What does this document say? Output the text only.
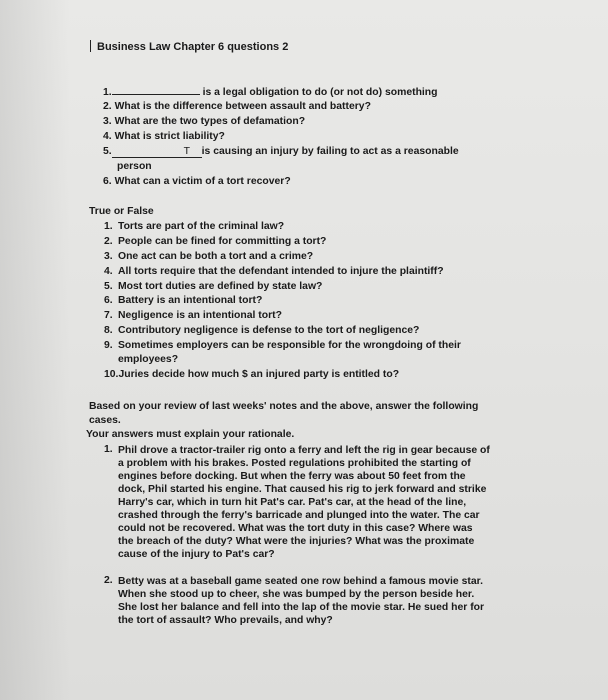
Business Law Chapter 6 questions 2
1.	is a legal obligation to do (or not do) something
2. What is the difference between assault and battery?
3. What are the two types of defamation?
4. What is strict liability?
5.	T is causing an injury by failing to act as a reasonable
person
6. What can a victim of a tort recover?
True or False
1. Torts are part of the criminal law?
2. People can be fined for committing a tort?
3. One act can be both a tort and a crime?
4. All torts require that the defendant intended to injure the plaintiff?
5. Most tort duties are defined by state law?
6. Battery is an intentional tort?
7. Negligence is an intentional tort?
8. Contributory negligence is defense to the tort of negligence?
9. Sometimes employers can be responsible for the wrongdoing of their
employees?
10.Juries decide how much $ an injured party is entitled to?
Based on your review of last weeks' notes and the above, answer the following
cases.
Your answers must explain your rationale.
1. Phil drove a tractor-trailer rig onto a ferry and left the rig in gear because of
a problem with his brakes. Posted regulations prohibited the starting of
engines before docking. But when the ferry was about 50 feet from the
dock, Phil started his engine. That caused his rig to jerk forward and strike
Harry's car, which in turn hit Pat's car. Pat's car, at the head of the line,
crashed through the ferry's barricade and plunged into the water. The car
could not be recovered. What was the tort duty in this case? Where was
the breach of the duty? What were the injuries? What was the proximate
cause of the injury to Pat's car?
2. Betty was at a baseball game seated one row behind a famous movie star.
When she stood up to cheer, she was bumped by the person beside her.
She lost her balance and fell into the lap of the movie star. He sued her for
the tort of assault? Who prevails, and why?
